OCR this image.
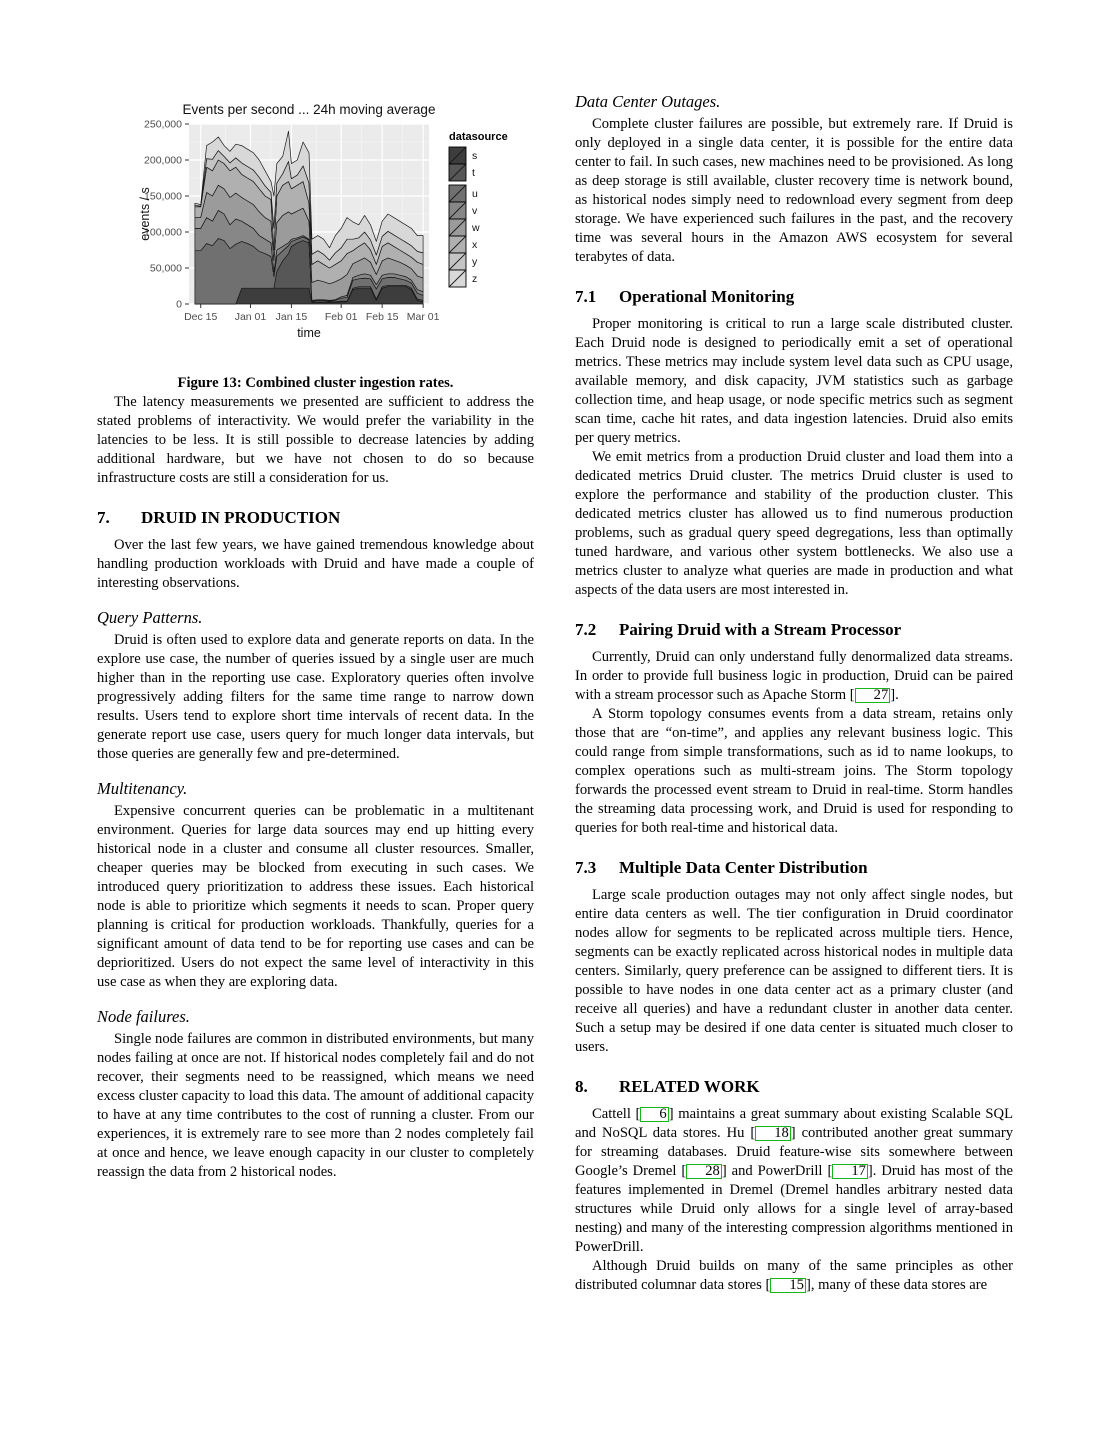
0
50,000
100,000
150,000
200,000
250,000
Dec 15 Jan 01 Jan 15 Feb 01 Feb 15 Mar 01
Events per second ... 24h moving average
time
events / s
datasource
s
t
u
v
w
x
y
z
Figure 13: Combined cluster ingestion rates.

The latency measurements we presented are sufficient to address the stated problems of interactivity. We would prefer the variability in the latencies to be less. It is still possible to decrease latencies by adding additional hardware, but we have not chosen to do so because infrastructure costs are still a consideration for us.

7. DRUID IN PRODUCTION

Over the last few years, we have gained tremendous knowledge about handling production workloads with Druid and have made a couple of interesting observations.

Query Patterns.

Druid is often used to explore data and generate reports on data. In the explore use case, the number of queries issued by a single user are much higher than in the reporting use case. Exploratory queries often involve progressively adding filters for the same time range to narrow down results. Users tend to explore short time intervals of recent data. In the generate report use case, users query for much longer data intervals, but those queries are generally few and pre-determined.

Multitenancy.

Expensive concurrent queries can be problematic in a multitenant environment. Queries for large data sources may end up hitting every historical node in a cluster and consume all cluster resources. Smaller, cheaper queries may be blocked from executing in such cases. We introduced query prioritization to address these issues. Each historical node is able to prioritize which segments it needs to scan. Proper query planning is critical for production workloads. Thankfully, queries for a significant amount of data tend to be for reporting use cases and can be deprioritized. Users do not expect the same level of interactivity in this use case as when they are exploring data.

Node failures.

Single node failures are common in distributed environments, but many nodes failing at once are not. If historical nodes completely fail and do not recover, their segments need to be reassigned, which means we need excess cluster capacity to load this data. The amount of additional capacity to have at any time contributes to the cost of running a cluster. From our experiences, it is extremely rare to see more than 2 nodes completely fail at once and hence, we leave enough capacity in our cluster to completely reassign the data from 2 historical nodes.

Data Center Outages.

Complete cluster failures are possible, but extremely rare. If Druid is only deployed in a single data center, it is possible for the entire data center to fail. In such cases, new machines need to be provisioned. As long as deep storage is still available, cluster recovery time is network bound, as historical nodes simply need to redownload every segment from deep storage. We have experienced such failures in the past, and the recovery time was several hours in the Amazon AWS ecosystem for several terabytes of data.

7.1 Operational Monitoring

Proper monitoring is critical to run a large scale distributed cluster. Each Druid node is designed to periodically emit a set of operational metrics. These metrics may include system level data such as CPU usage, available memory, and disk capacity, JVM statistics such as garbage collection time, and heap usage, or node specific metrics such as segment scan time, cache hit rates, and data ingestion latencies. Druid also emits per query metrics.

We emit metrics from a production Druid cluster and load them into a dedicated metrics Druid cluster. The metrics Druid cluster is used to explore the performance and stability of the production cluster. This dedicated metrics cluster has allowed us to find numerous production problems, such as gradual query speed degregations, less than optimally tuned hardware, and various other system bottlenecks. We also use a metrics cluster to analyze what queries are made in production and what aspects of the data users are most interested in.

7.2 Pairing Druid with a Stream Processor

Currently, Druid can only understand fully denormalized data streams. In order to provide full business logic in production, Druid can be paired with a stream processor such as Apache Storm [ 27 ].

A Storm topology consumes events from a data stream, retains only those that are “on-time”, and applies any relevant business logic. This could range from simple transformations, such as id to name lookups, to complex operations such as multi-stream joins. The Storm topology forwards the processed event stream to Druid in real-time. Storm handles the streaming data processing work, and Druid is used for responding to queries for both real-time and historical data.

7.3 Multiple Data Center Distribution

Large scale production outages may not only affect single nodes, but entire data centers as well. The tier configuration in Druid coordinator nodes allow for segments to be replicated across multiple tiers. Hence, segments can be exactly replicated across historical nodes in multiple data centers. Similarly, query preference can be assigned to different tiers. It is possible to have nodes in one data center act as a primary cluster (and receive all queries) and have a redundant cluster in another data center. Such a setup may be desired if one data center is situated much closer to users.

8. RELATED WORK

Cattell [ 6 ] maintains a great summary about existing Scalable SQL and NoSQL data stores. Hu [ 18 ] contributed another great summary for streaming databases. Druid feature-wise sits somewhere between Google’s Dremel [ 28 ] and PowerDrill [ 17 ]. Druid has most of the features implemented in Dremel (Dremel handles arbitrary nested data structures while Druid only allows for a single level of array-based nesting) and many of the interesting compression algorithms mentioned in PowerDrill.

Although Druid builds on many of the same principles as other distributed columnar data stores [ 15 ], many of these data stores are
